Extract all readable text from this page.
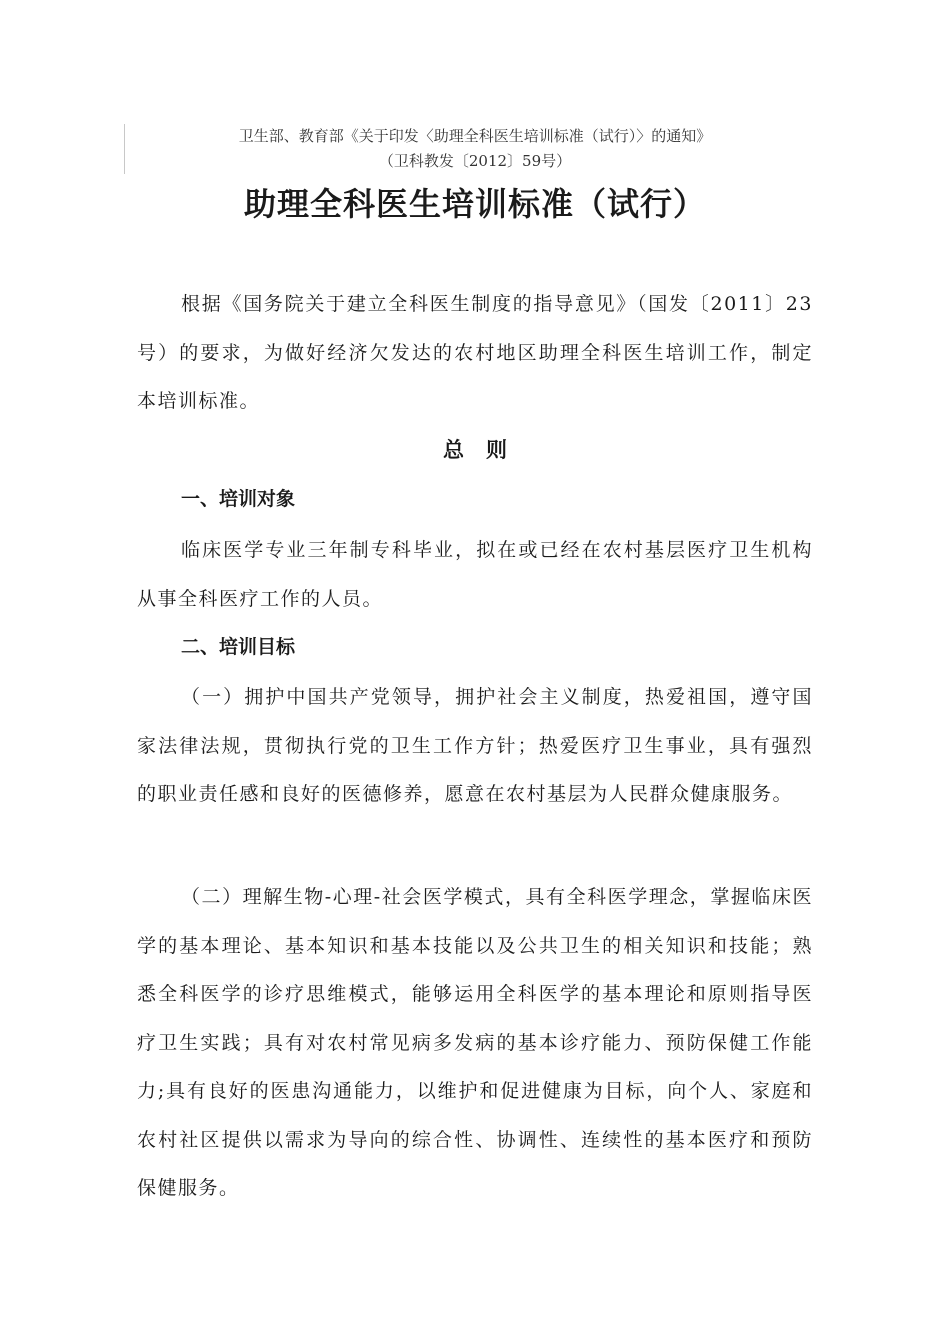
卫生部、教育部《关于印发〈助理全科医生培训标准（试行）〉的通知》
（卫科教发〔2012〕59号）
助理全科医生培训标准（试行）

根据《国务院关于建立全科医生制度的指导意见》（国发〔2011〕23号）的要求，为做好经济欠发达的农村地区助理全科医生培训工作，制定本培训标准。

总则
一、培训对象

临床医学专业三年制专科毕业，拟在或已经在农村基层医疗卫生机构从事全科医疗工作的人员。

二、培训目标

（一）拥护中国共产党领导，拥护社会主义制度，热爱祖国，遵守国家法律法规，贯彻执行党的卫生工作方针；热爱医疗卫生事业，具有强烈的职业责任感和良好的医德修养，愿意在农村基层为人民群众健康服务。

（二）理解生物-心理-社会医学模式，具有全科医学理念，掌握临床医学的基本理论、基本知识和基本技能以及公共卫生的相关知识和技能；熟悉全科医学的诊疗思维模式，能够运用全科医学的基本理论和原则指导医疗卫生实践；具有对农村常见病多发病的基本诊疗能力、预防保健工作能力;具有良好的医患沟通能力，以维护和促进健康为目标，向个人、家庭和农村社区提供以需求为导向的综合性、协调性、连续性的基本医疗和预防保健服务。
